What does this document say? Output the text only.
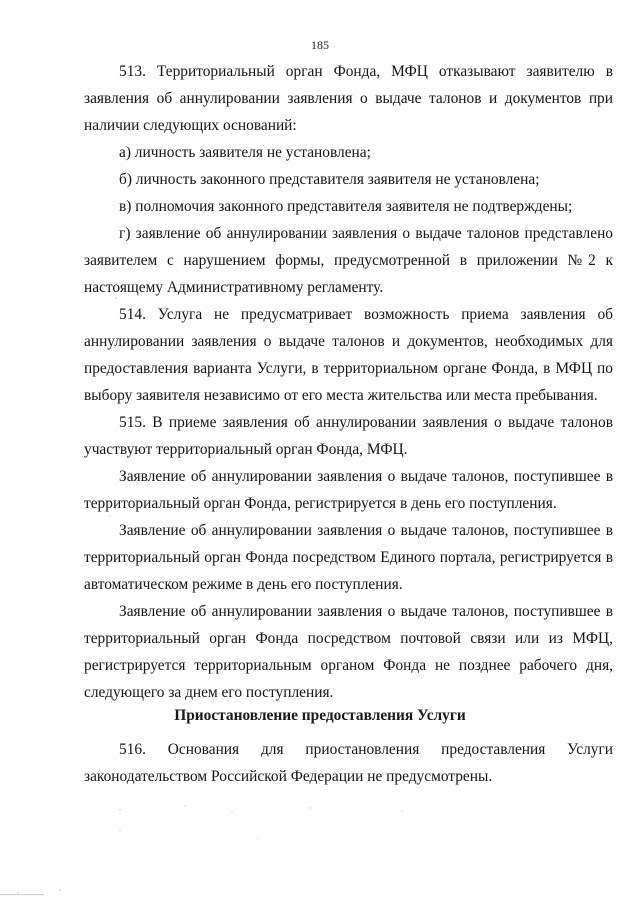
185
513. Территориальный орган Фонда, МФЦ отказывают заявителю в
заявления об аннулировании заявления о выдаче талонов и документов при
наличии следующих оснований:
а) личность заявителя не установлена;
б) личность законного представителя заявителя не установлена;
в) полномочия законного представителя заявителя не подтверждены;
г) заявление об аннулировании заявления о выдаче талонов представлено
заявителем с нарушением формы, предусмотренной в приложении №2 к
настоящему Административному регламенту.
514. Услуга не предусматривает возможность приема заявления об
аннулировании заявления о выдаче талонов и документов, необходимых для
предоставления варианта Услуги, в территориальном органе Фонда, в МФЦ по
выбору заявителя независимо от его места жительства или места пребывания.
515. В приеме заявления об аннулировании заявления о выдаче талонов
участвуют территориальный орган Фонда, МФЦ.
Заявление об аннулировании заявления о выдаче талонов, поступившее в
территориальный орган Фонда, регистрируется в день его поступления.
Заявление об аннулировании заявления о выдаче талонов, поступившее в
территориальный орган Фонда посредством Единого портала, регистрируется в
автоматическом режиме в день его поступления.
Заявление об аннулировании заявления о выдаче талонов, поступившее в
территориальный орган Фонда посредством почтовой связи или из МФЦ,
регистрируется территориальным органом Фонда не позднее рабочего дня,
следующего за днем его поступления.
Приостановление предоставления Услуги
516. Основания для приостановления предоставления Услуги
законодательством Российской Федерации не предусмотрены.
